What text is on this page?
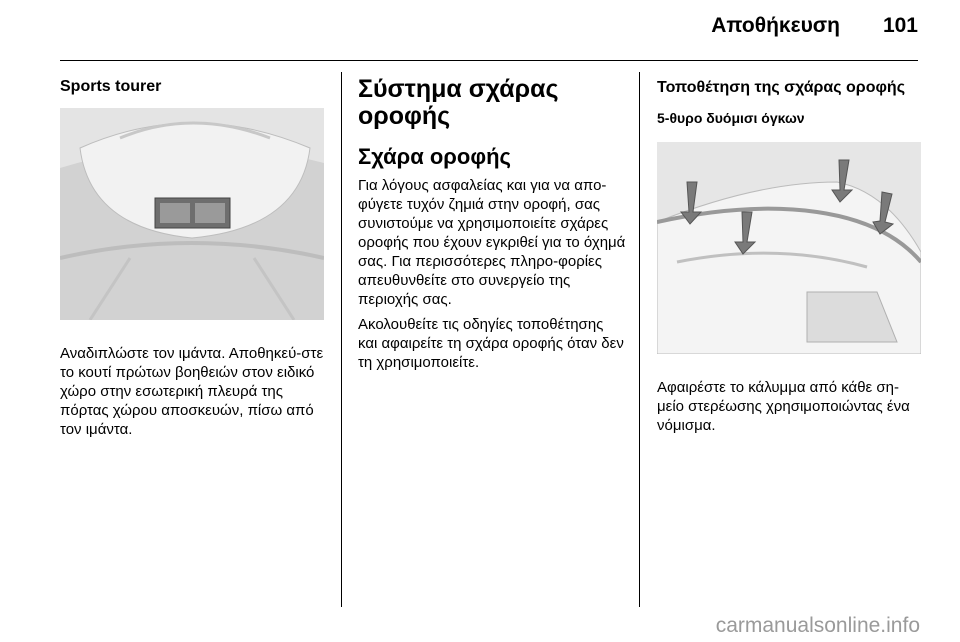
Αποθήκευση 101
Sports tourer
Αναδιπλώστε τον ιμάντα. Αποθηκεύ-στε το κουτί πρώτων βοηθειών στον ειδικό χώρο στην εσωτερική πλευρά της πόρτας χώρου αποσκευών, πίσω από τον ιμάντα.
Σύστημα σχάρας οροφής
Σχάρα οροφής
Για λόγους ασφαλείας και για να απο-φύγετε τυχόν ζημιά στην οροφή, σας συνιστούμε να χρησιμοποιείτε σχάρες οροφής που έχουν εγκριθεί για το όχημά σας. Για περισσότερες πληρο-φορίες απευθυνθείτε στο συνεργείο της περιοχής σας.
Ακολουθείτε τις οδηγίες τοποθέτησης και αφαιρείτε τη σχάρα οροφής όταν δεν τη χρησιμοποιείτε.
Τοποθέτηση της σχάρας οροφής
5-θυρο δυόμισι όγκων
Αφαιρέστε το κάλυμμα από κάθε ση-μείο στερέωσης χρησιμοποιώντας ένα νόμισμα.
carmanualsonline.info
